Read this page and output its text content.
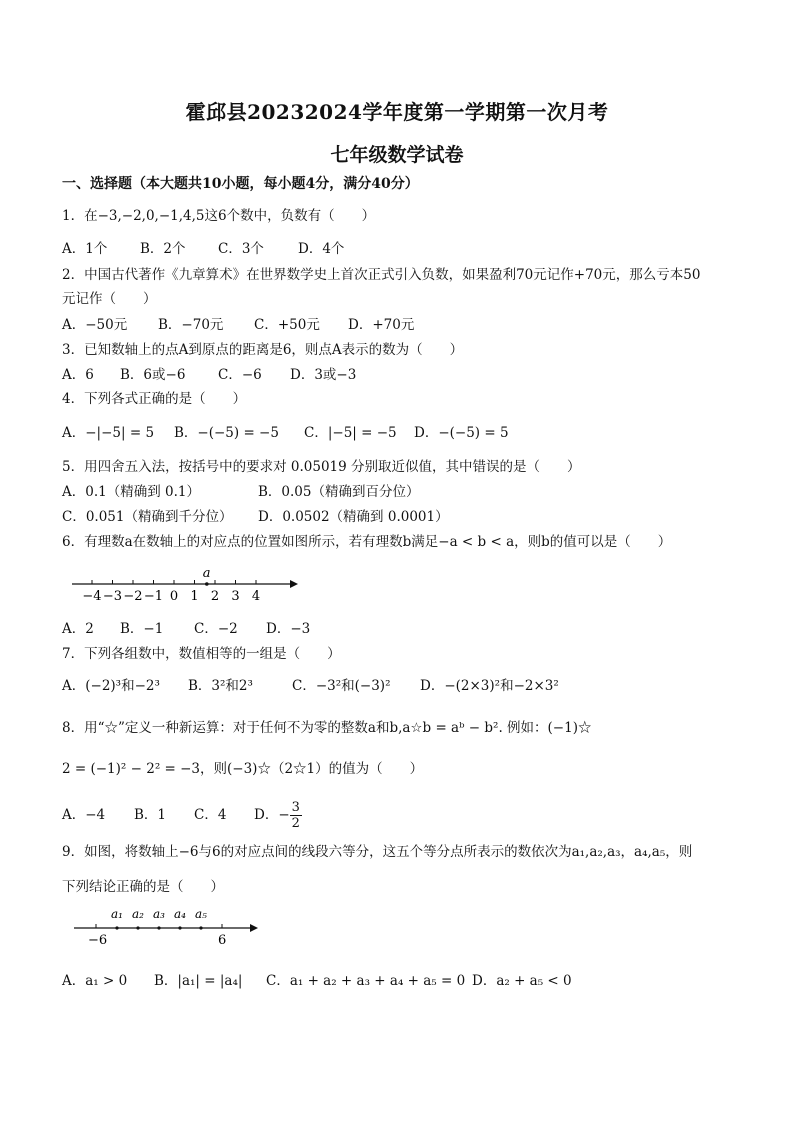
霍邱县20232024学年度第一学期第一次月考
七年级数学试卷
一、选择题（本大题共10小题，每小题4分，满分40分）
1．在−3,−2,0,−1,4,5这6个数中，负数有（　　）
A．1个 B．2个 C．3个	D．4个
2．中国古代著作《九章算术》在世界数学史上首次正式引入负数，如果盈利70元记作+70元，那么亏本50
元记作（　　）
A．−50元 B．−70元 C．+50元 D．+70元
3．已知数轴上的点A到原点的距离是6，则点A表示的数为（　　）
A．6 B．6或−6 C．−6 D．3或−3
4．下列各式正确的是（　　）
A．−|−5| = 5 B．−(−5) = −5 C．|−5| = −5 D．−(−5) = 5
5．用四舍五入法，按括号中的要求对 0.05019 分别取近似值，其中错误的是（　　）
A．0.1（精确到 0.1）	B．0.05（精确到百分位）
C．0.051（精确到千分位） D．0.0502（精确到 0.0001）
6．有理数a在数轴上的对应点的位置如图所示，若有理数b满足−a < b < a，则b的值可以是（　　）
−4 −3 −2 −1 0 1 2 3 4
a
A．2 B．−1 C．−2 D．−3
7．下列各组数中，数值相等的一组是（　　）
A．(−2)³和−2³ B．3²和2³	C．−3²和(−3)² D．−(2×3)²和−2×3²
8．用“☆”定义一种新运算：对于任何不为零的整数a和b,a☆b = aᵇ − b². 例如：(−1)☆
2 = (−1)² − 2² = −3，则(−3)☆（2☆1）的值为（　　）
A．−4 B．1 C．4 D．− $\frac{3}{2}$
9．如图，将数轴上−6与6的对应点间的线段六等分，这五个等分点所表示的数依次为a₁,a₂,a₃，a₄,a₅，则
下列结论正确的是（　　）
a₁ a₂ a₃ a₄ a₅
−6	6
A．a₁ > 0 B．|a₁| = |a₄| C．a₁ + a₂ + a₃ + a₄ + a₅ = 0 D．a₂ + a₅ < 0
